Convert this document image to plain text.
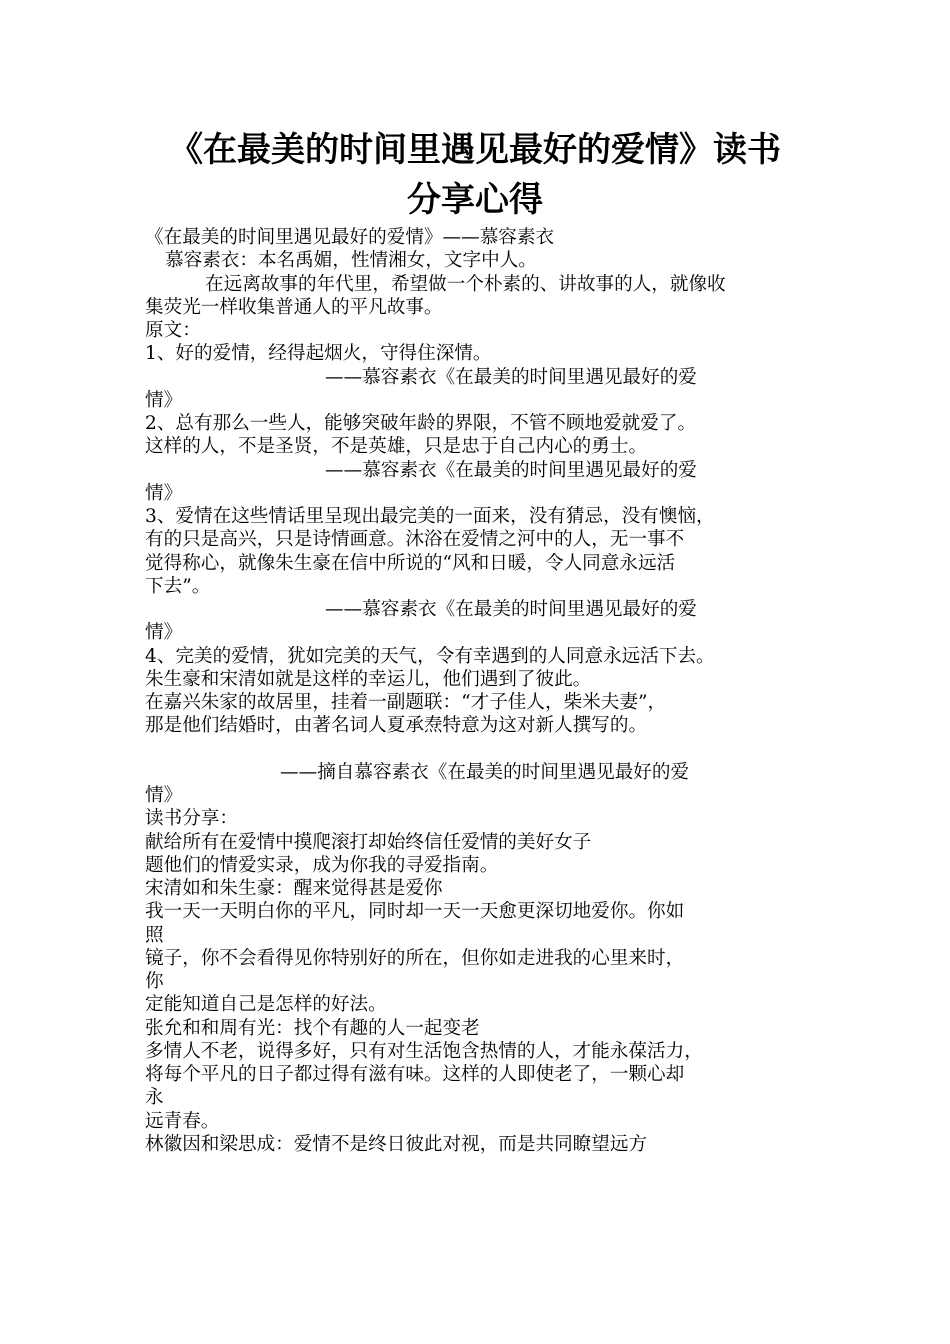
《在最美的时间里遇见最好的爱情》读书
分享心得
《在最美的时间里遇见最好的爱情》——慕容素衣
慕容素衣：本名禹媚，性情湘女，文字中人。
在远离故事的年代里，希望做一个朴素的、讲故事的人，就像收
集荧光一样收集普通人的平凡故事。
原文：
1、好的爱情，经得起烟火，守得住深情。
——慕容素衣《在最美的时间里遇见最好的爱
情》
2、总有那么一些人，能够突破年龄的界限，不管不顾地爱就爱了。
这样的人，不是圣贤，不是英雄，只是忠于自己内心的勇士。
——慕容素衣《在最美的时间里遇见最好的爱
情》
3、爱情在这些情话里呈现出最完美的一面来，没有猜忌，没有懊恼，
有的只是高兴，只是诗情画意。沐浴在爱情之河中的人，无一事不
觉得称心，就像朱生豪在信中所说的“风和日暖，令人同意永远活
下去”。
——慕容素衣《在最美的时间里遇见最好的爱
情》
4、完美的爱情，犹如完美的天气，令有幸遇到的人同意永远活下去。
朱生豪和宋清如就是这样的幸运儿，他们遇到了彼此。
在嘉兴朱家的故居里，挂着一副题联：“才子佳人，柴米夫妻”，
那是他们结婚时，由著名词人夏承焘特意为这对新人撰写的。
——摘自慕容素衣《在最美的时间里遇见最好的爱
情》
读书分享：
献给所有在爱情中摸爬滚打却始终信任爱情的美好女子
题他们的情爱实录，成为你我的寻爱指南。
宋清如和朱生豪：醒来觉得甚是爱你
我一天一天明白你的平凡，同时却一天一天愈更深切地爱你。你如
照
镜子，你不会看得见你特别好的所在，但你如走进我的心里来时，
你
定能知道自己是怎样的好法。
张允和和周有光：找个有趣的人一起变老
多情人不老，说得多好，只有对生活饱含热情的人，才能永葆活力，
将每个平凡的日子都过得有滋有味。这样的人即使老了，一颗心却
永
远青春。
林徽因和梁思成：爱情不是终日彼此对视，而是共同瞭望远方
